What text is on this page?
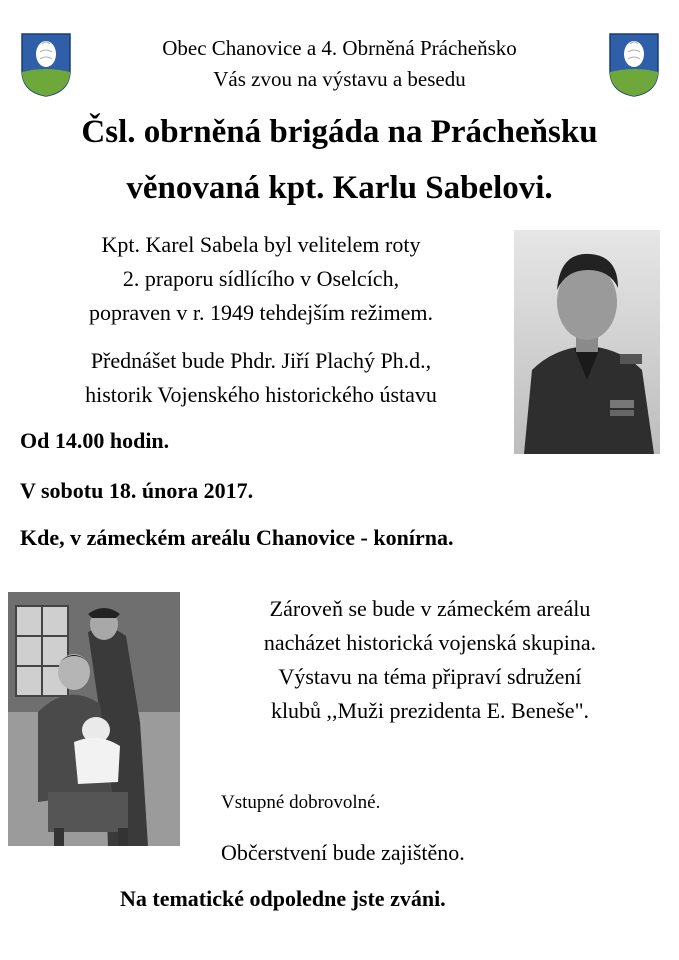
Obec Chanovice a 4. Obrněná Prácheňsko
Vás zvou na výstavu a besedu
Čsl. obrněná brigáda na Prácheňsku
věnovaná kpt. Karlu Sabelovi.
Kpt. Karel Sabela byl velitelem roty
2. praporu sídlícího v Oselcích,
popraven v r. 1949 tehdejším režimem.
Přednášet bude Phdr. Jiří Plachý Ph.d.,
historik Vojenského historického ústavu
Od 14.00 hodin.
V sobotu 18. února 2017.
Kde, v zámeckém areálu Chanovice - konírna.
Zároveň se bude v zámeckém areálu
nacházet historická vojenská skupina.
Výstavu na téma připraví sdružení
klubů ,,Muži prezidenta E. Beneše".
Vstupné dobrovolné.
Občerstvení bude zajištěno.
Na tematické odpoledne jste zváni.
